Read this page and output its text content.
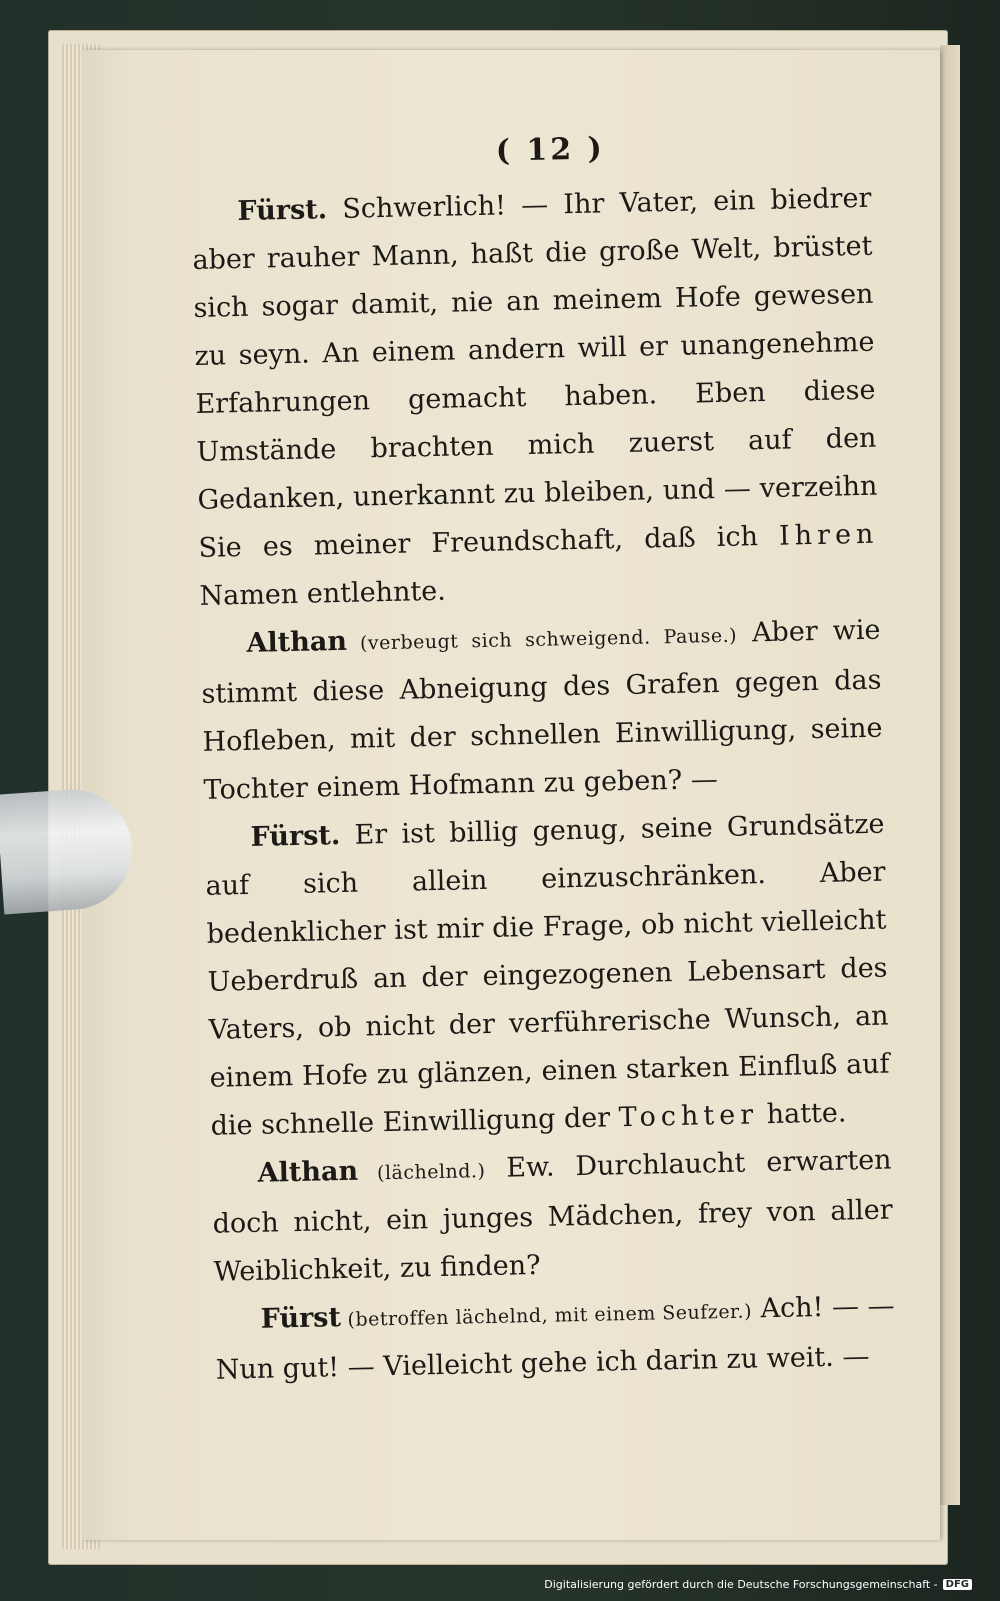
( 12 )

Fürst. Schwerlich! — Ihr Vater, ein biedrer aber rauher Mann, haßt die große Welt, brüstet sich sogar damit, nie an meinem Hofe gewesen zu seyn. An einem andern will er unangenehme Erfahrungen gemacht haben. Eben diese Umstände brachten mich zuerst auf den Gedanken, unerkannt zu bleiben, und — verzeihn Sie es meiner Freundschaft, daß ich Ihren Namen entlehnte.

Althan (verbeugt sich schweigend. Pause.) Aber wie stimmt diese Abneigung des Grafen gegen das Hofleben, mit der schnellen Einwilligung, seine Tochter einem Hofmann zu geben? —

Fürst. Er ist billig genug, seine Grundsätze auf sich allein einzuschränken. Aber bedenklicher ist mir die Frage, ob nicht vielleicht Ueberdruß an der eingezogenen Lebensart des Vaters, ob nicht der verführerische Wunsch, an einem Hofe zu glänzen, einen starken Einfluß auf die schnelle Einwilligung der Tochter hatte.

Althan (lächelnd.) Ew. Durchlaucht erwarten doch nicht, ein junges Mädchen, frey von aller Weiblichkeit, zu finden?

Fürst (betroffen lächelnd, mit einem Seufzer.) Ach! — — Nun gut! — Vielleicht gehe ich darin zu weit. —

Digitalisierung gefördert durch die Deutsche Forschungsgemeinschaft - DFG
